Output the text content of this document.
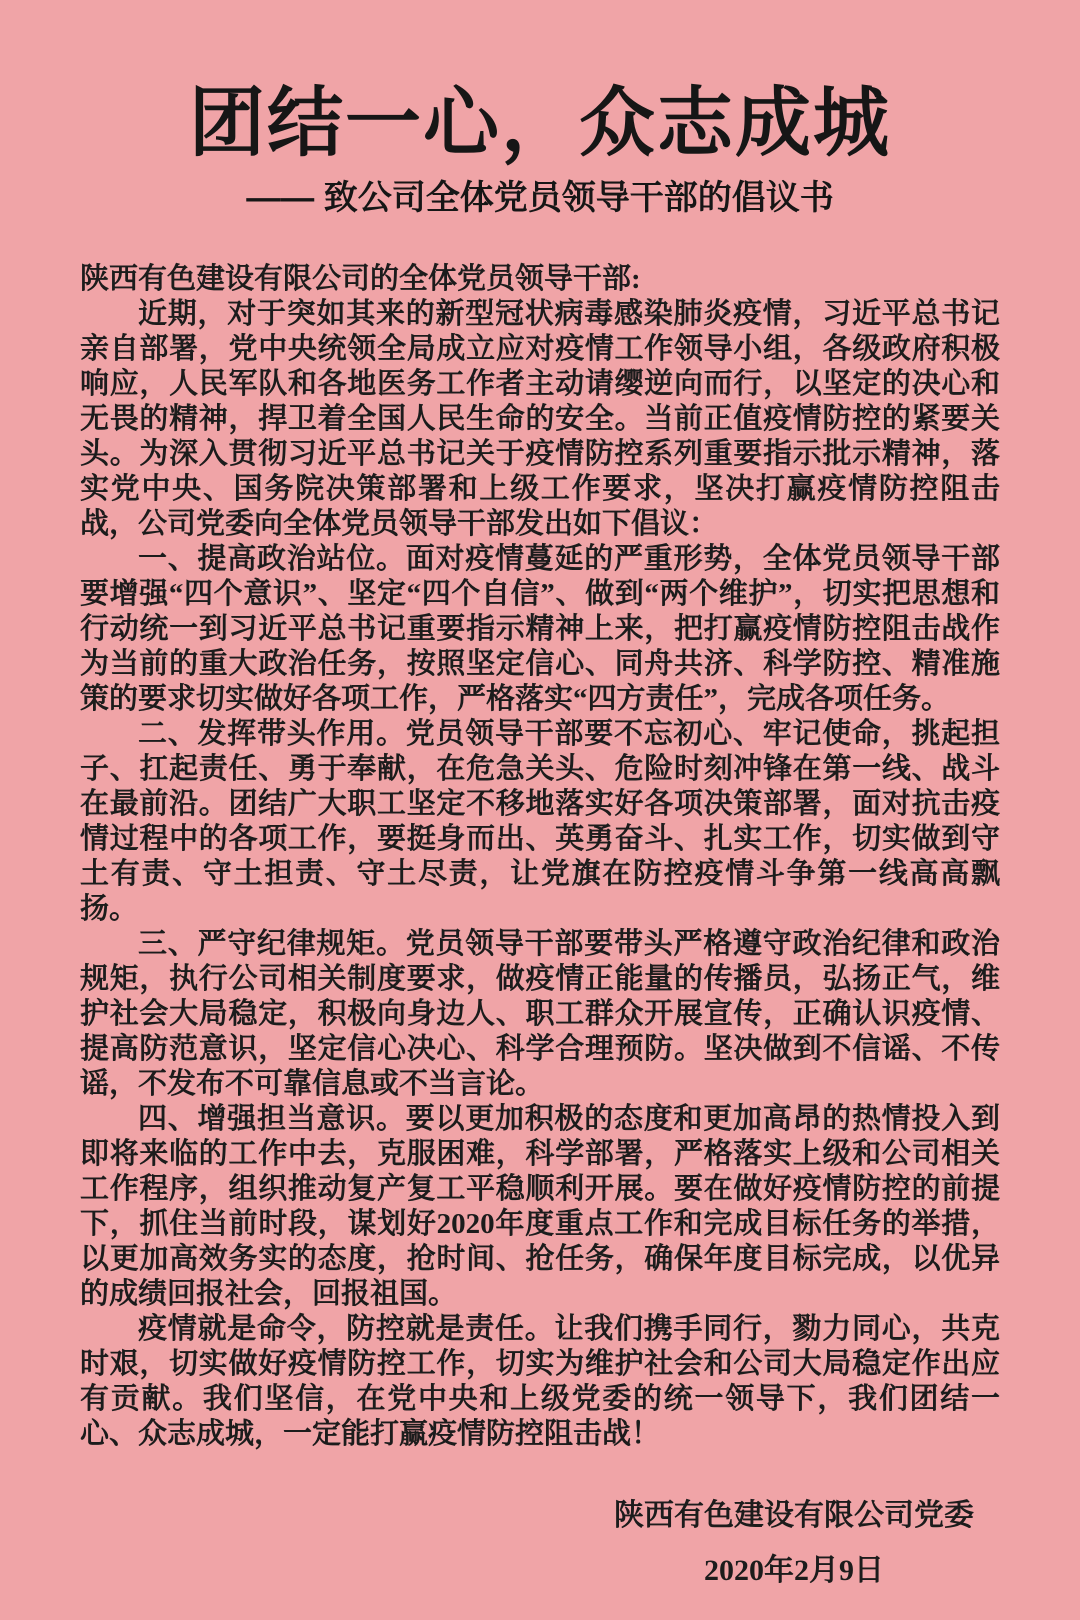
团结一心，众志成城
—— 致公司全体党员领导干部的倡议书

陕西有色建设有限公司的全体党员领导干部:

近期，对于突如其来的新型冠状病毒感染肺炎疫情，习近平总书记亲自部署，党中央统领全局成立应对疫情工作领导小组，各级政府积极响应，人民军队和各地医务工作者主动请缨逆向而行，以坚定的决心和无畏的精神，捍卫着全国人民生命的安全。当前正值疫情防控的紧要关头。为深入贯彻习近平总书记关于疫情防控系列重要指示批示精神，落实党中央、国务院决策部署和上级工作要求，坚决打赢疫情防控阻击战，公司党委向全体党员领导干部发出如下倡议：

一、提高政治站位。面对疫情蔓延的严重形势，全体党员领导干部要增强“四个意识”、坚定“四个自信”、做到“两个维护”，切实把思想和行动统一到习近平总书记重要指示精神上来，把打赢疫情防控阻击战作为当前的重大政治任务，按照坚定信心、同舟共济、科学防控、精准施策的要求切实做好各项工作，严格落实“四方责任”，完成各项任务。

二、发挥带头作用。党员领导干部要不忘初心、牢记使命，挑起担子、扛起责任、勇于奉献，在危急关头、危险时刻冲锋在第一线、战斗在最前沿。团结广大职工坚定不移地落实好各项决策部署，面对抗击疫情过程中的各项工作，要挺身而出、英勇奋斗、扎实工作，切实做到守土有责、守土担责、守土尽责，让党旗在防控疫情斗争第一线高高飘扬。

三、严守纪律规矩。党员领导干部要带头严格遵守政治纪律和政治规矩，执行公司相关制度要求，做疫情正能量的传播员，弘扬正气，维护社会大局稳定，积极向身边人、职工群众开展宣传，正确认识疫情、提高防范意识，坚定信心决心、科学合理预防。坚决做到不信谣、不传谣，不发布不可靠信息或不当言论。

四、增强担当意识。要以更加积极的态度和更加高昂的热情投入到即将来临的工作中去，克服困难，科学部署，严格落实上级和公司相关工作程序，组织推动复产复工平稳顺利开展。要在做好疫情防控的前提下，抓住当前时段，谋划好2020年度重点工作和完成目标任务的举措，以更加高效务实的态度，抢时间、抢任务，确保年度目标完成，以优异的成绩回报社会，回报祖国。

疫情就是命令，防控就是责任。让我们携手同行，勠力同心，共克时艰，切实做好疫情防控工作，切实为维护社会和公司大局稳定作出应有贡献。我们坚信，在党中央和上级党委的统一领导下，我们团结一心、众志成城，一定能打赢疫情防控阻击战！

陕西有色建设有限公司党委
2020年2月9日
